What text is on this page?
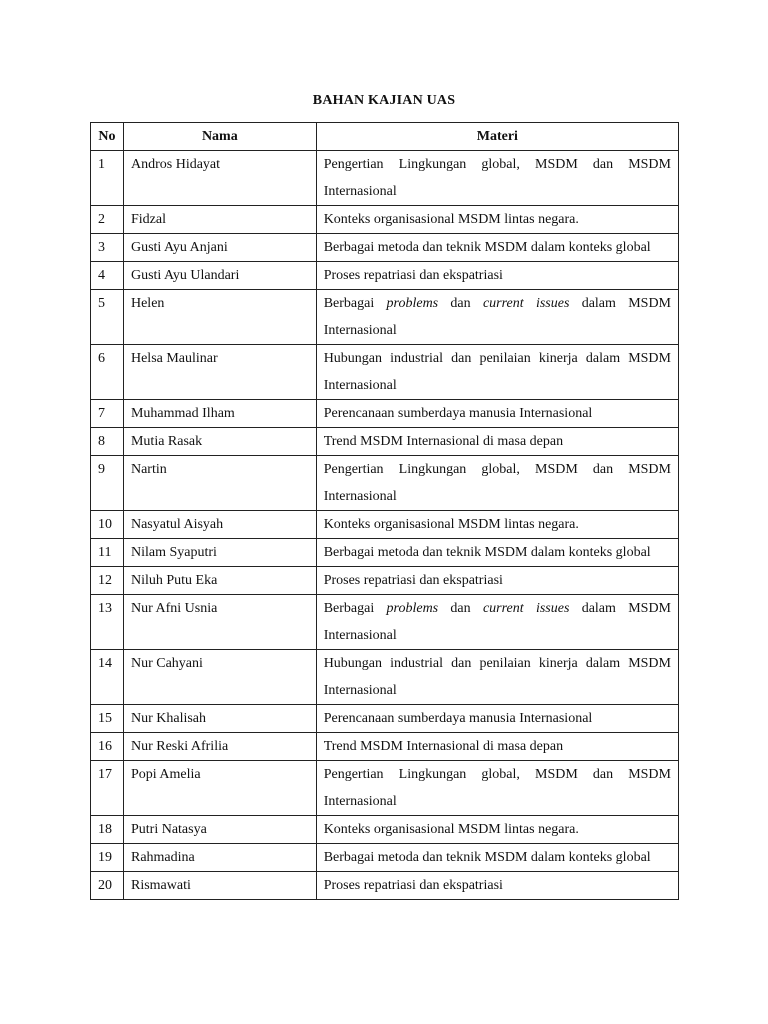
BAHAN KAJIAN UAS
No	Nama	Materi
1	Andros Hidayat	Pengertian Lingkungan global, MSDM dan MSDM Internasional
2	Fidzal	Konteks organisasional MSDM lintas negara.
3	Gusti Ayu Anjani	Berbagai metoda dan teknik MSDM dalam konteks global
4	Gusti Ayu Ulandari	Proses repatriasi dan ekspatriasi
5	Helen	Berbagai problems dan current issues dalam MSDM Internasional
6	Helsa Maulinar	Hubungan industrial dan penilaian kinerja dalam MSDM Internasional
7	Muhammad Ilham	Perencanaan sumberdaya manusia Internasional
8	Mutia Rasak	Trend MSDM Internasional di masa depan
9	Nartin	Pengertian Lingkungan global, MSDM dan MSDM Internasional
10	Nasyatul Aisyah	Konteks organisasional MSDM lintas negara.
11	Nilam Syaputri	Berbagai metoda dan teknik MSDM dalam konteks global
12	Niluh Putu Eka	Proses repatriasi dan ekspatriasi
13	Nur Afni Usnia	Berbagai problems dan current issues dalam MSDM Internasional
14	Nur Cahyani	Hubungan industrial dan penilaian kinerja dalam MSDM Internasional
15	Nur Khalisah	Perencanaan sumberdaya manusia Internasional
16	Nur Reski Afrilia	Trend MSDM Internasional di masa depan
17	Popi Amelia	Pengertian Lingkungan global, MSDM dan MSDM Internasional
18	Putri Natasya	Konteks organisasional MSDM lintas negara.
19	Rahmadina	Berbagai metoda dan teknik MSDM dalam konteks global
20	Rismawati	Proses repatriasi dan ekspatriasi
